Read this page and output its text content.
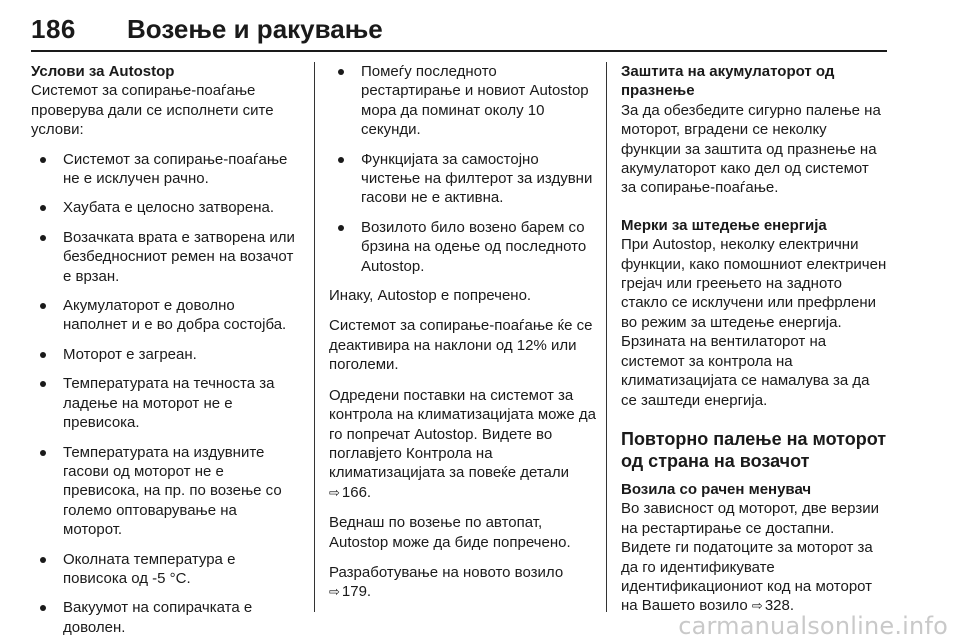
186 Возење и ракување
Услови за Autostop

Системот за сопирање-поаѓање проверува дали се исполнети сите услови:

Системот за сопирање-поаѓање не е исклучен рачно.
Хаубата е целосно затворена.
Возачката врата е затворена или безбедносниот ремен на возачот е врзан.
Акумулаторот е доволно наполнет и е во добра состојба.
Моторот е загреан.
Температурата на течноста за ладење на моторот не е превисока.
Температурата на издувните гасови од моторот не е превисока, на пр. по возење со големо оптоварување на моторот.
Околната температура е повисока од -5 °C.
Вакуумот на сопирачката е доволен.
Помеѓу последното рестартирање и новиот Autostop мора да поминат околу 10 секунди.
Функцијата за самостојно чистење на филтерот за издувни гасови не е активна.
Возилото било возено барем со брзина на одење од последното Autostop.

Инаку, Autostop е попречено.

Системот за сопирање-поаѓање ќе се деактивира на наклони од 12% или поголеми.

Одредени поставки на системот за контрола на климатизацијата може да го попречат Autostop. Видете во поглавјето Контрола на климатизацијата за повеќе детали
⇨ 166.

Веднаш по возење по автопат, Autostop може да биде попречено.

Разработување на новото возило
⇨ 179.

Заштита на акумулаторот од празнење

За да обезбедите сигурно палење на моторот, вградени се неколку функции за заштита од празнење на акумулаторот како дел од системот за сопирање-поаѓање.

Мерки за штедење енергија

При Autostop, неколку електрични функции, како помошниот електричен грејач или греењето на задното стакло се исклучени или префрлени во режим за штедење енергија. Брзината на вентилаторот на системот за контрола на климатизацијата се намалува за да се заштеди енергија.

Повторно палење на моторот од страна на возачот
Возила со рачен менувач

Во зависност од моторот, две верзии на рестартирање се достапни. Видете ги податоците за моторот за да го идентификувате идентификациониот код на моторот на Вашето возило ⇨ 328.

carmanualsonline.info
